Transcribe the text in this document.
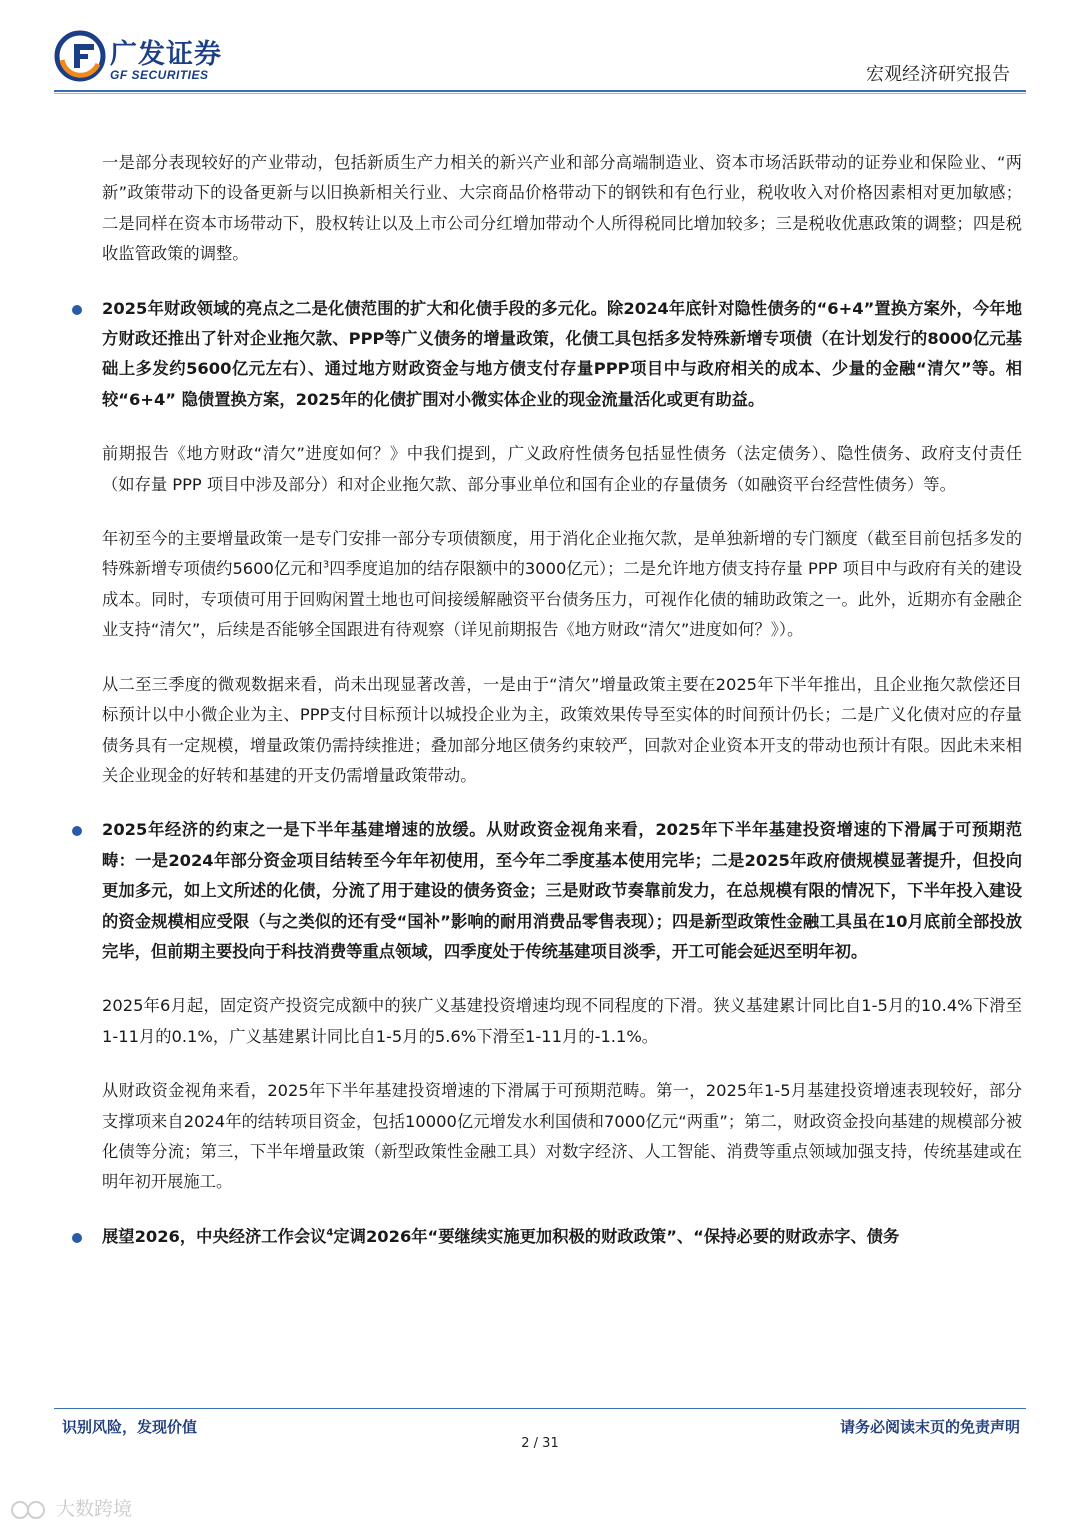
广发证券
GF SECURITIES	宏观经济研究报告

一是部分表现较好的产业带动，包括新质生产力相关的新兴产业和部分高端制造业、资本市场活跃带动的证券业和保险业、“两新”政策带动下的设备更新与以旧换新相关行业、大宗商品价格带动下的钢铁和有色行业，税收收入对价格因素相对更加敏感；二是同样在资本市场带动下，股权转让以及上市公司分红增加带动个人所得税同比增加较多；三是税收优惠政策的调整；四是税收监管政策的调整。

2025年财政领域的亮点之二是化债范围的扩大和化债手段的多元化。除2024年底针对隐性债务的“6+4”置换方案外，今年地方财政还推出了针对企业拖欠款、PPP等广义债务的增量政策，化债工具包括多发特殊新增专项债（在计划发行的8000亿元基础上多发约5600亿元左右）、通过地方财政资金与地方债支付存量PPP项目中与政府相关的成本、少量的金融“清欠”等。相较“6+4” 隐债置换方案，2025年的化债扩围对小微实体企业的现金流量活化或更有助益。

前期报告《地方财政“清欠”进度如何？》中我们提到，广义政府性债务包括显性债务（法定债务）、隐性债务、政府支付责任（如存量 PPP 项目中涉及部分）和对企业拖欠款、部分事业单位和国有企业的存量债务（如融资平台经营性债务）等。

年初至今的主要增量政策一是专门安排一部分专项债额度，用于消化企业拖欠款，是单独新增的专门额度（截至目前包括多发的特殊新增专项债约5600亿元和$^3$四季度追加的结存限额中的3000亿元）；二是允许地方债支持存量 PPP 项目中与政府有关的建设成本。同时，专项债可用于回购闲置土地也可间接缓解融资平台债务压力，可视作化债的辅助政策之一。此外，近期亦有金融企业支持“清欠”，后续是否能够全国跟进有待观察（详见前期报告《地方财政“清欠”进度如何？》）。

从二至三季度的微观数据来看，尚未出现显著改善，一是由于“清欠”增量政策主要在2025年下半年推出，且企业拖欠款偿还目标预计以中小微企业为主、PPP支付目标预计以城投企业为主，政策效果传导至实体的时间预计仍长；二是广义化债对应的存量债务具有一定规模，增量政策仍需持续推进；叠加部分地区债务约束较严，回款对企业资本开支的带动也预计有限。因此未来相关企业现金的好转和基建的开支仍需增量政策带动。

2025年经济的约束之一是下半年基建增速的放缓。从财政资金视角来看，2025年下半年基建投资增速的下滑属于可预期范畴：一是2024年部分资金项目结转至今年年初使用，至今年二季度基本使用完毕；二是2025年政府债规模显著提升，但投向更加多元，如上文所述的化债，分流了用于建设的债务资金；三是财政节奏靠前发力，在总规模有限的情况下，下半年投入建设的资金规模相应受限（与之类似的还有受“国补”影响的耐用消费品零售表现）；四是新型政策性金融工具虽在10月底前全部投放完毕，但前期主要投向于科技消费等重点领域，四季度处于传统基建项目淡季，开工可能会延迟至明年初。

2025年6月起，固定资产投资完成额中的狭广义基建投资增速均现不同程度的下滑。狭义基建累计同比自1-5月的10.4%下滑至1-11月的0.1%，广义基建累计同比自1-5月的5.6%下滑至1-11月的-1.1%。

从财政资金视角来看，2025年下半年基建投资增速的下滑属于可预期范畴。第一，2025年1-5月基建投资增速表现较好，部分支撑项来自2024年的结转项目资金，包括10000亿元增发水利国债和7000亿元“两重”；第二，财政资金投向基建的规模部分被化债等分流；第三，下半年增量政策（新型政策性金融工具）对数字经济、人工智能、消费等重点领域加强支持，传统基建或在明年初开展施工。

展望2026，中央经济工作会议$^4$定调2026年“要继续实施更加积极的财政政策”、“保持必要的财政赤字、债务

识别风险，发现价值	请务必阅读末页的免责声明
2 / 31
大数跨境
